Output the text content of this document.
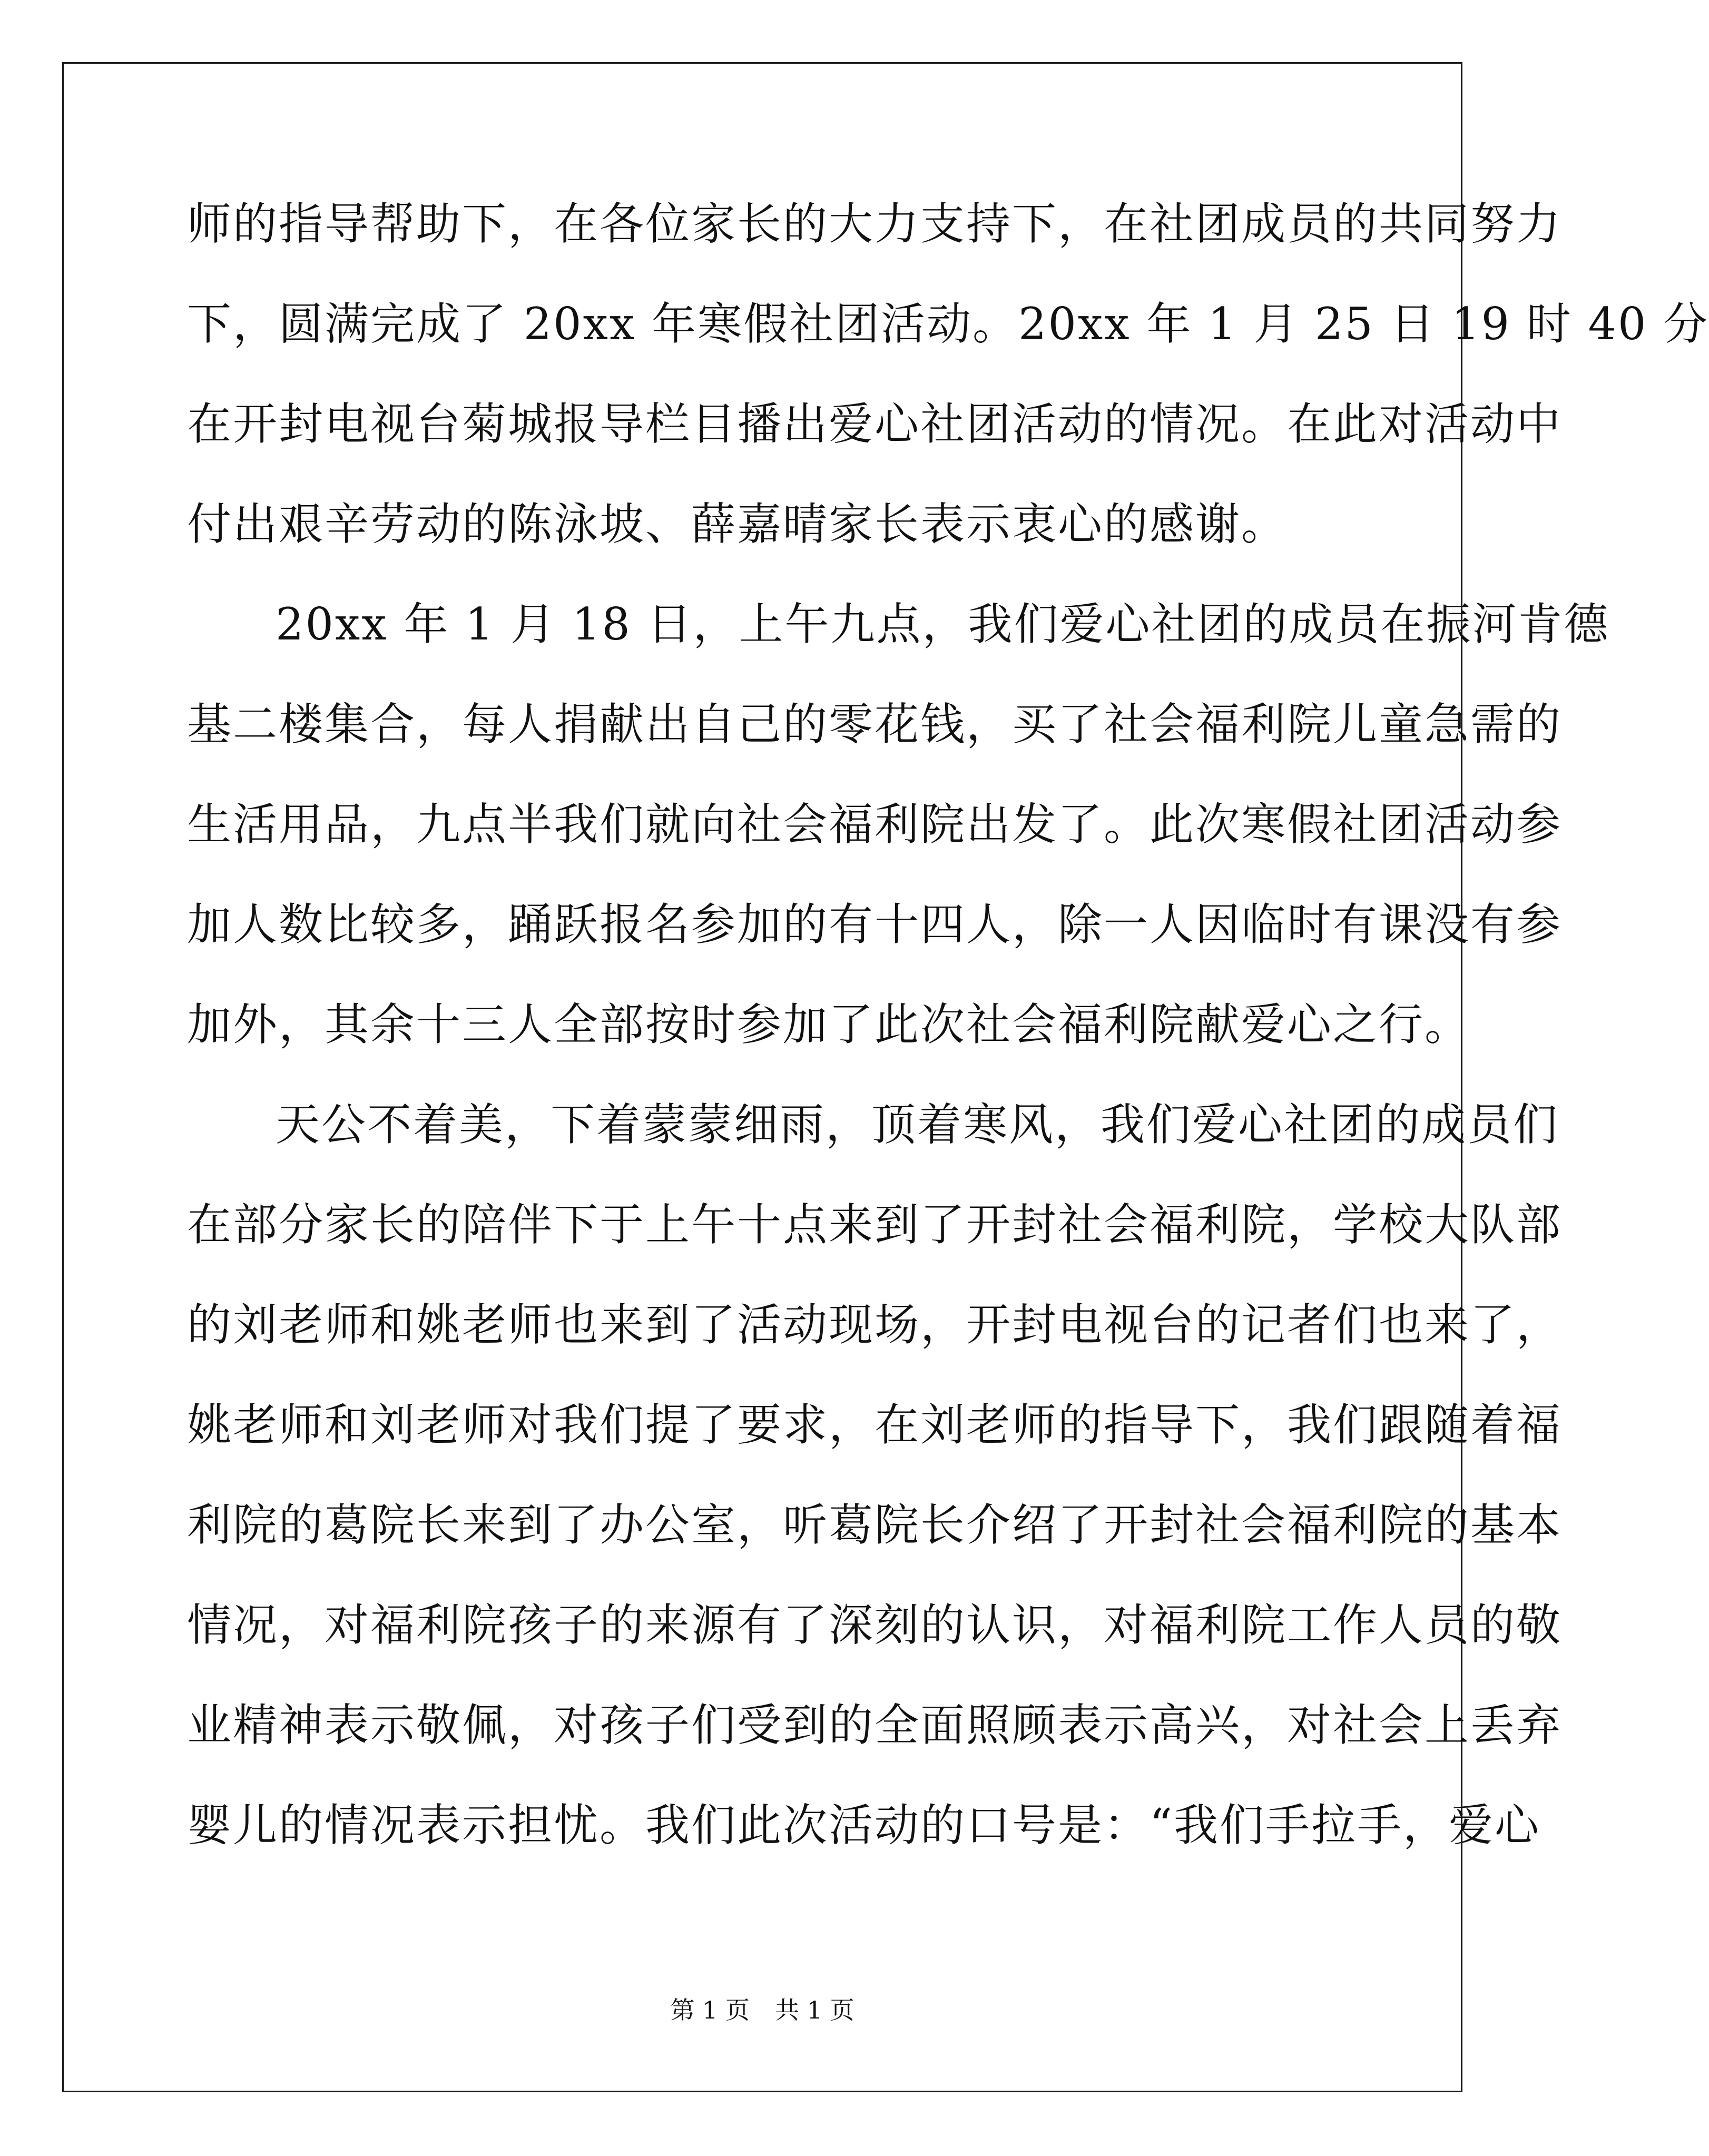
师的指导帮助下，在各位家长的大力支持下，在社团成员的共同努力
下，圆满完成了 20xx 年寒假社团活动。20xx 年 1 月 25 日 19 时 40 分
在开封电视台菊城报导栏目播出爱心社团活动的情况。在此对活动中
付出艰辛劳动的陈泳坡、薛嘉晴家长表示衷心的感谢。
20xx 年 1 月 18 日，上午九点，我们爱心社团的成员在振河肯德
基二楼集合，每人捐献出自己的零花钱，买了社会福利院儿童急需的
生活用品，九点半我们就向社会福利院出发了。此次寒假社团活动参
加人数比较多，踊跃报名参加的有十四人，除一人因临时有课没有参
加外，其余十三人全部按时参加了此次社会福利院献爱心之行。
天公不着美，下着蒙蒙细雨，顶着寒风，我们爱心社团的成员们
在部分家长的陪伴下于上午十点来到了开封社会福利院，学校大队部
的刘老师和姚老师也来到了活动现场，开封电视台的记者们也来了，
姚老师和刘老师对我们提了要求，在刘老师的指导下，我们跟随着福
利院的葛院长来到了办公室，听葛院长介绍了开封社会福利院的基本
情况，对福利院孩子的来源有了深刻的认识，对福利院工作人员的敬
业精神表示敬佩，对孩子们受到的全面照顾表示高兴，对社会上丢弃
婴儿的情况表示担忧。我们此次活动的口号是：“我们手拉手，爱心
第 1 页 共 1 页
